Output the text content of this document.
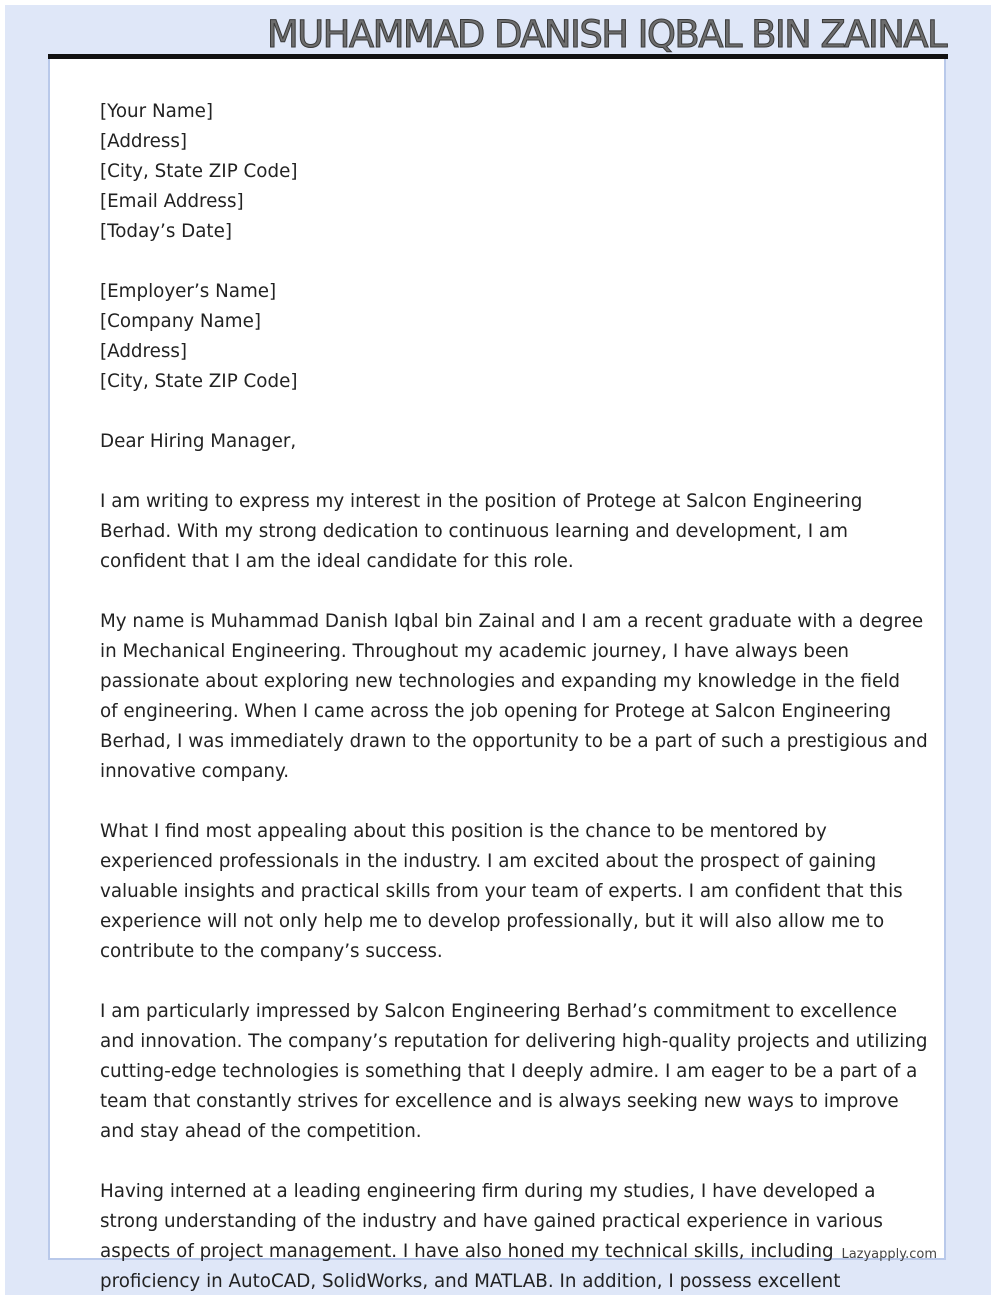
MUHAMMAD DANISH IQBAL BIN ZAINAL
[Your Name]
[Address]
[City, State ZIP Code]
[Email Address]
[Today’s Date]
[Employer’s Name]
[Company Name]
[Address]
[City, State ZIP Code]
Dear Hiring Manager,

I am writing to express my interest in the position of Protege at Salcon Engineering
Berhad. With my strong dedication to continuous learning and development, I am
confident that I am the ideal candidate for this role.

My name is Muhammad Danish Iqbal bin Zainal and I am a recent graduate with a degree
in Mechanical Engineering. Throughout my academic journey, I have always been
passionate about exploring new technologies and expanding my knowledge in the field
of engineering. When I came across the job opening for Protege at Salcon Engineering
Berhad, I was immediately drawn to the opportunity to be a part of such a prestigious and
innovative company.

What I find most appealing about this position is the chance to be mentored by
experienced professionals in the industry. I am excited about the prospect of gaining
valuable insights and practical skills from your team of experts. I am confident that this
experience will not only help me to develop professionally, but it will also allow me to
contribute to the company’s success.

I am particularly impressed by Salcon Engineering Berhad’s commitment to excellence
and innovation. The company’s reputation for delivering high-quality projects and utilizing
cutting-edge technologies is something that I deeply admire. I am eager to be a part of a
team that constantly strives for excellence and is always seeking new ways to improve
and stay ahead of the competition.

Having interned at a leading engineering firm during my studies, I have developed a
strong understanding of the industry and have gained practical experience in various
aspects of project management. I have also honed my technical skills, including
proficiency in AutoCAD, SolidWorks, and MATLAB. In addition, I possess excellent

Lazyapply.com
